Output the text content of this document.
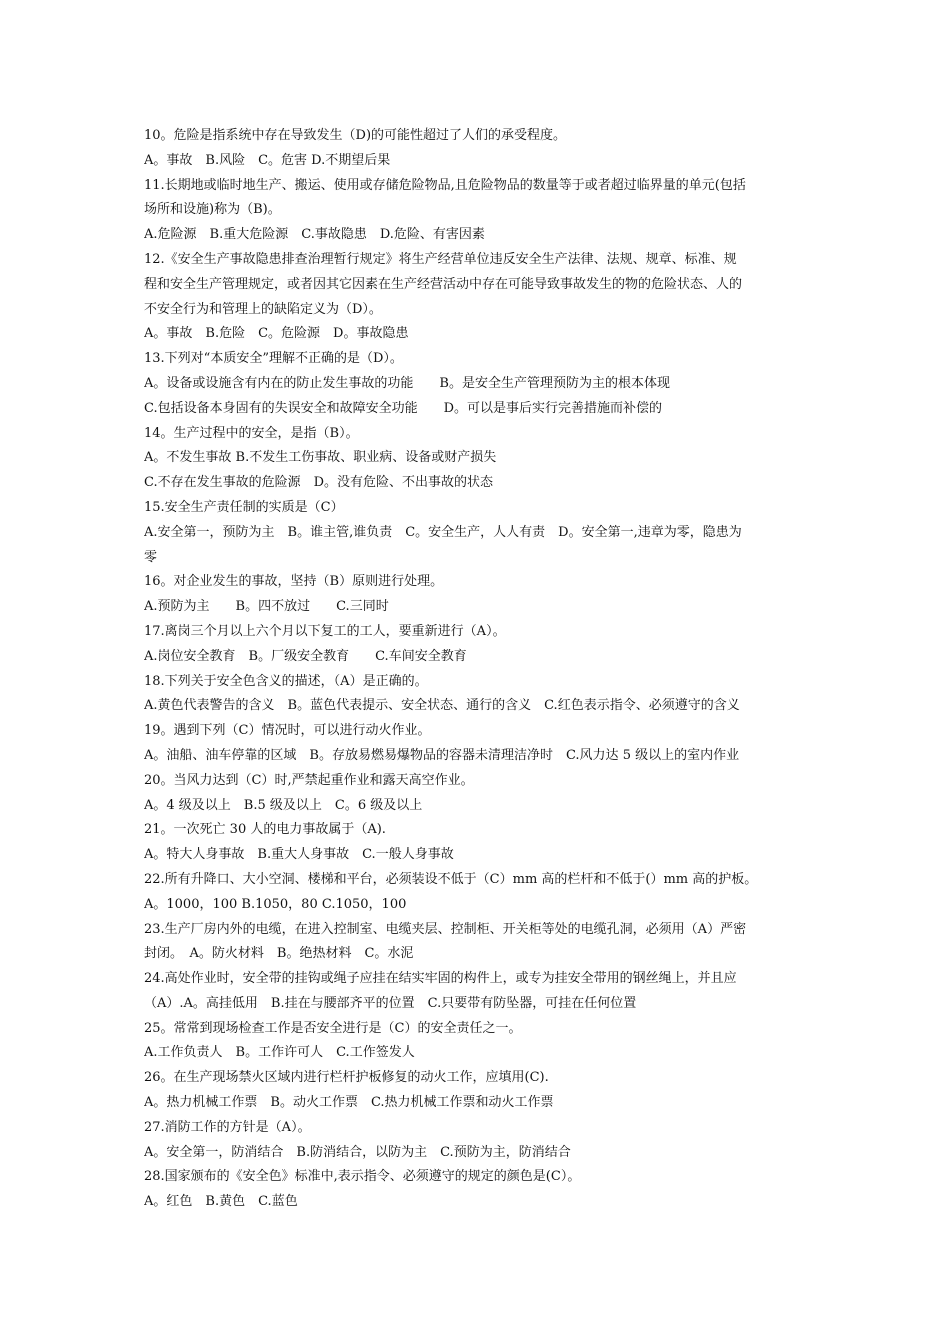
10。危险是指系统中存在导致发生（D)的可能性超过了人们的承受程度。
A。事故　B.风险　C。危害 D.不期望后果
11.长期地或临时地生产、搬运、使用或存储危险物品,且危险物品的数量等于或者超过临界量的单元(包括
场所和设施)称为（B)。
A.危险源　B.重大危险源　C.事故隐患　D.危险、有害因素
12.《安全生产事故隐患排查治理暂行规定》将生产经营单位违反安全生产法律、法规、规章、标准、规
程和安全生产管理规定，或者因其它因素在生产经营活动中存在可能导致事故发生的物的危险状态、人的
不安全行为和管理上的缺陷定义为（D）。
A。事故　B.危险　C。危险源　D。事故隐患
13.下列对“本质安全”理解不正确的是（D）。
A。设备或设施含有内在的防止发生事故的功能　　B。是安全生产管理预防为主的根本体现
C.包括设备本身固有的失误安全和故障安全功能　　D。可以是事后实行完善措施而补偿的
14。生产过程中的安全，是指（B）。
A。不发生事故 B.不发生工伤事故、职业病、设备或财产损失
C.不存在发生事故的危险源　D。没有危险、不出事故的状态
15.安全生产责任制的实质是（C）
A.安全第一，预防为主　B。谁主管,谁负责　C。安全生产，人人有责　D。安全第一,违章为零，隐患为
零
16。对企业发生的事故，坚持（B）原则进行处理。
A.预防为主　　B。四不放过　　C.三同时
17.离岗三个月以上六个月以下复工的工人，要重新进行（A）。
A.岗位安全教育　B。厂级安全教育　　C.车间安全教育
18.下列关于安全色含义的描述，（A）是正确的。
A.黄色代表警告的含义　B。蓝色代表提示、安全状态、通行的含义　C.红色表示指令、必须遵守的含义
19。遇到下列（C）情况时，可以进行动火作业。
A。油船、油车停靠的区域　B。存放易燃易爆物品的容器未清理洁净时　C.风力达 5 级以上的室内作业
20。当风力达到（C）时,严禁起重作业和露天高空作业。
A。4 级及以上　B.5 级及以上　C。6 级及以上
21。一次死亡 30 人的电力事故属于（A).
A。特大人身事故　B.重大人身事故　C.一般人身事故
22.所有升降口、大小空洞、楼梯和平台，必须装设不低于（C）mm 高的栏杆和不低于(）mm 高的护板。
A。1000，100 B.1050，80 C.1050，100
23.生产厂房内外的电缆，在进入控制室、电缆夹层、控制柜、开关柜等处的电缆孔洞，必须用（A）严密
封闭。　A。防火材料　B。绝热材料　C。水泥
24.高处作业时，安全带的挂钩或绳子应挂在结实牢固的构件上，或专为挂安全带用的钢丝绳上，并且应
（A）.A。高挂低用　B.挂在与腰部齐平的位置　C.只要带有防坠器，可挂在任何位置
25。常常到现场检查工作是否安全进行是（C）的安全责任之一。
A.工作负责人　B。工作许可人　C.工作签发人
26。在生产现场禁火区域内进行栏杆护板修复的动火工作，应填用(C).
A。热力机械工作票　B。动火工作票　C.热力机械工作票和动火工作票
27.消防工作的方针是（A）。
A。安全第一，防消结合　B.防消结合，以防为主　C.预防为主，防消结合
28.国家颁布的《安全色》标准中,表示指令、必须遵守的规定的颜色是(C）。
A。红色　B.黄色　C.蓝色
